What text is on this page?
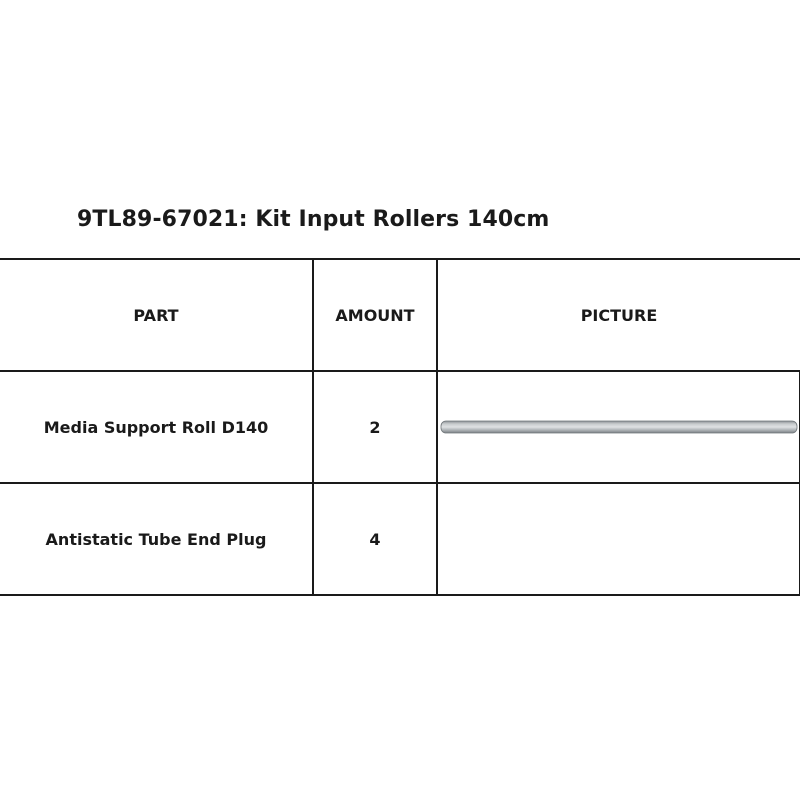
9TL89-67021: Kit Input Rollers 140cm
PART	AMOUNT	PICTURE
Media Support Roll D140	2	

Antistatic Tube End Plug	4	
